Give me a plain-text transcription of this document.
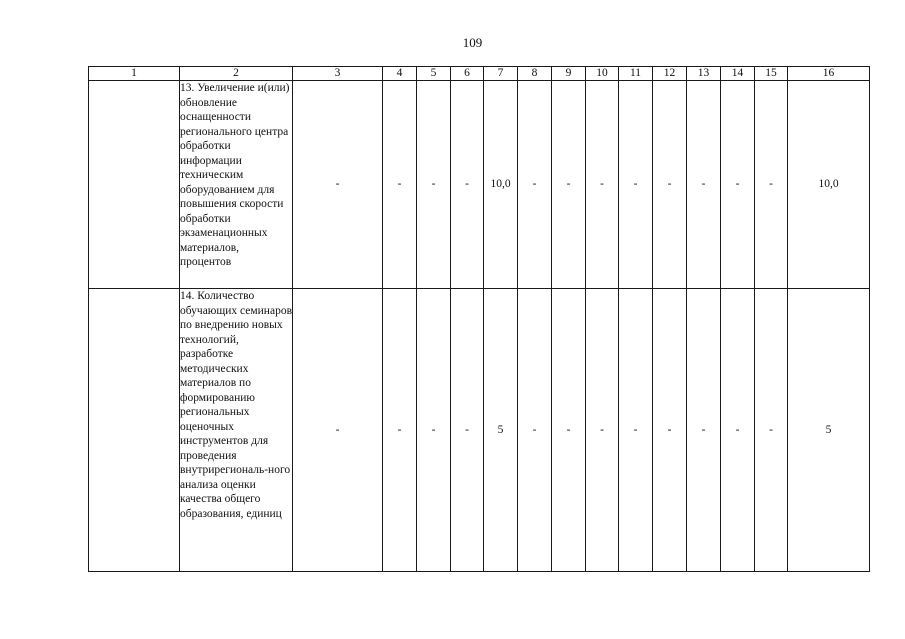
109
1	2	3	4	5	6	7	8	9	10	11	12	13	14	15	16
	13. Увеличение и(или) обновление оснащенности регионального центра обработки информации техническим оборудованием для повышения скорости обработки экзаменационных материалов, процентов	-	-	-	-	10,0	-	-	-	-	-	-	-	-	10,0
	14. Количество обучающих семинаров по внедрению новых технологий, разработке методических материалов по формированию региональных оценочных инструментов для проведения внутрирегиональ-ного анализа оценки качества общего образования, единиц	-	-	-	-	5	-	-	-	-	-	-	-	-	5
